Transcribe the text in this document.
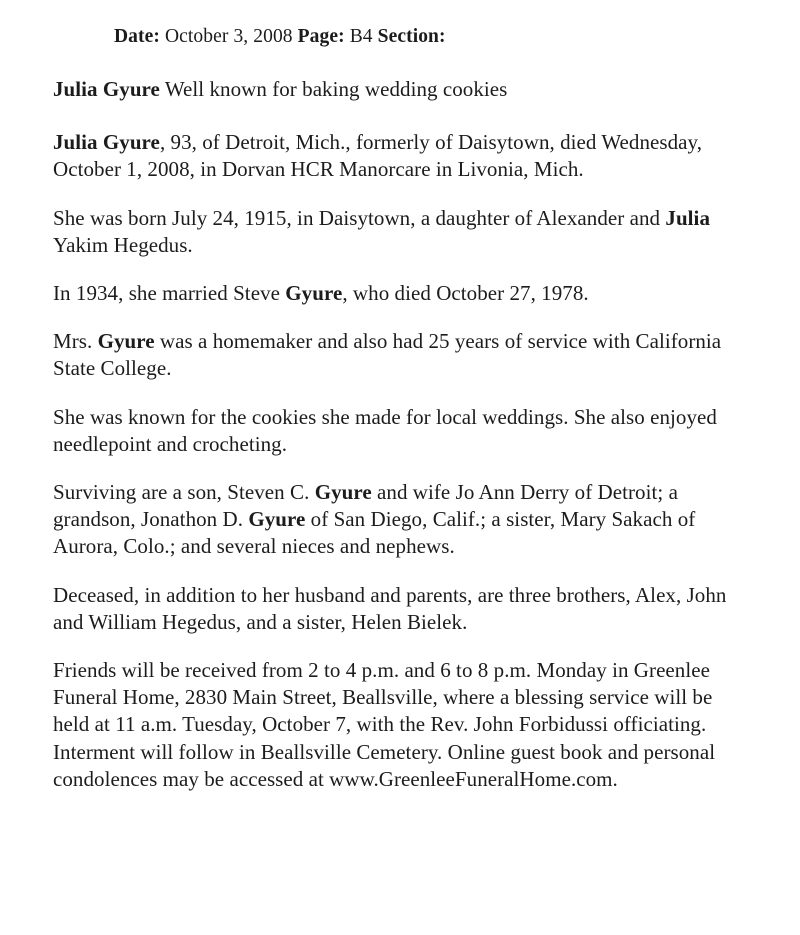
Date: October 3, 2008 Page: B4 Section:

Julia Gyure Well known for baking wedding cookies

Julia Gyure, 93, of Detroit, Mich., formerly of Daisytown, died Wednesday, October 1, 2008, in Dorvan HCR Manorcare in Livonia, Mich.

She was born July 24, 1915, in Daisytown, a daughter of Alexander and Julia Yakim Hegedus.

In 1934, she married Steve Gyure, who died October 27, 1978.

Mrs. Gyure was a homemaker and also had 25 years of service with California State College.

She was known for the cookies she made for local weddings. She also enjoyed needlepoint and crocheting.

Surviving are a son, Steven C. Gyure and wife Jo Ann Derry of Detroit; a grandson, Jonathon D. Gyure of San Diego, Calif.; a sister, Mary Sakach of Aurora, Colo.; and several nieces and nephews.

Deceased, in addition to her husband and parents, are three brothers, Alex, John and William Hegedus, and a sister, Helen Bielek.

Friends will be received from 2 to 4 p.m. and 6 to 8 p.m. Monday in Greenlee Funeral Home, 2830 Main Street, Beallsville, where a blessing service will be held at 11 a.m. Tuesday, October 7, with the Rev. John Forbidussi officiating. Interment will follow in Beallsville Cemetery. Online guest book and personal condolences may be accessed at www.GreenleeFuneralHome.com.
